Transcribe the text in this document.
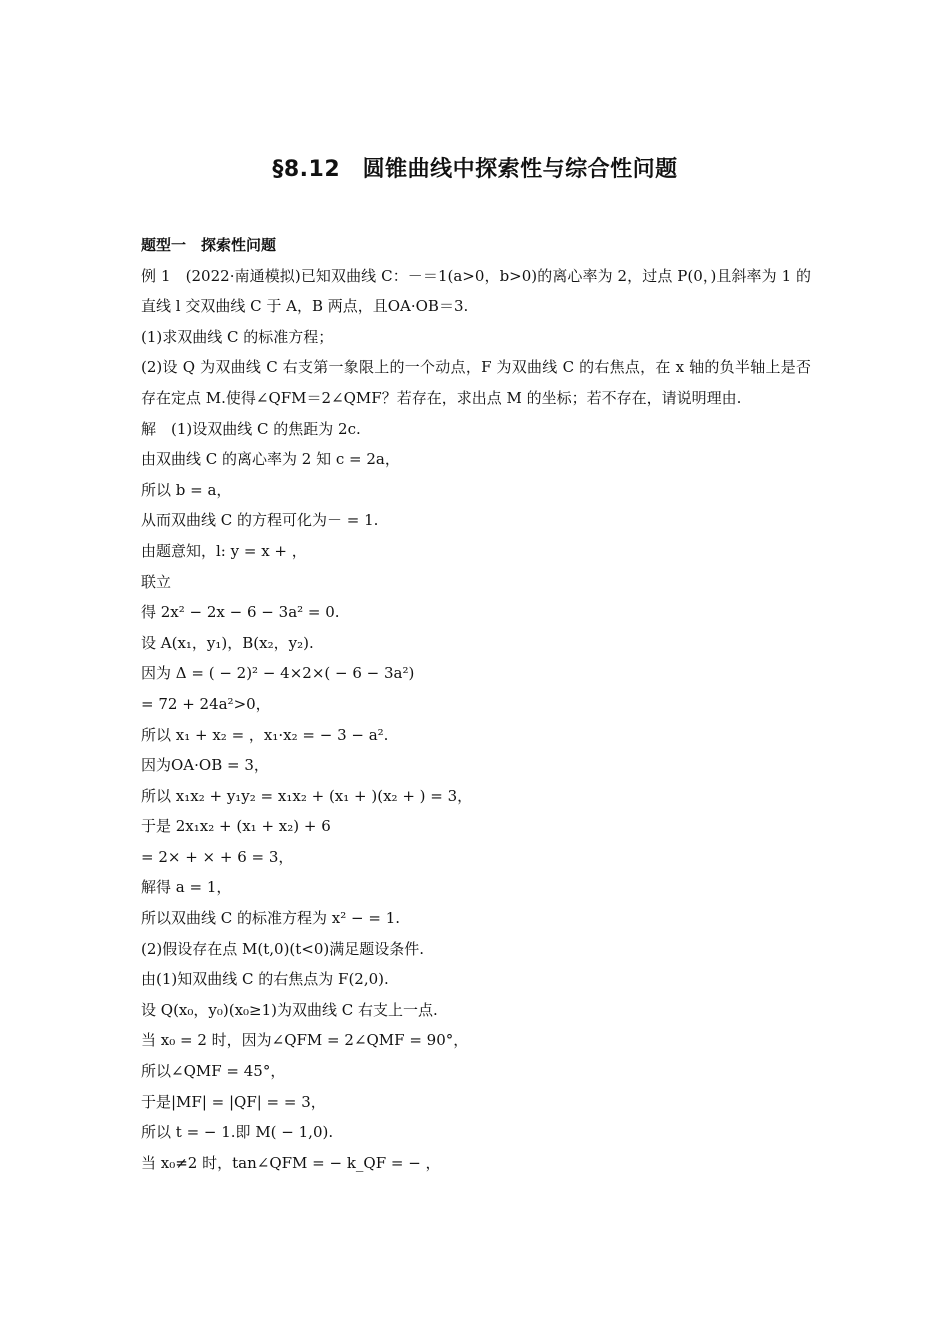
§8.12　圆锥曲线中探索性与综合性问题
题型一　探索性问题
例 1　(2022·南通模拟)已知双曲线 C：－＝1(a>0，b>0)的离心率为 2，过点 P(0，)且斜率为 1 的直线 l 交双曲线 C 于 A，B 两点，且OA·OB＝3.
(1)求双曲线 C 的标准方程；
(2)设 Q 为双曲线 C 右支第一象限上的一个动点，F 为双曲线 C 的右焦点，在 x 轴的负半轴上是否存在定点 M.使得∠QFM＝2∠QMF？若存在，求出点 M 的坐标；若不存在，请说明理由.
解　(1)设双曲线 C 的焦距为 2c.
由双曲线 C 的离心率为 2 知 c = 2a，
所以 b = a，
从而双曲线 C 的方程可化为－ = 1.
由题意知，l: y = x + ，
联立
得 2x² − 2x − 6 − 3a² = 0.
设 A(x₁，y₁)，B(x₂，y₂).
因为 Δ = ( − 2)² − 4×2×( − 6 − 3a²)
= 72 + 24a²>0，
所以 x₁ + x₂ = ，x₁·x₂ = − 3 − a².
因为OA·OB = 3，
所以 x₁x₂ + y₁y₂ = x₁x₂ + (x₁ + )(x₂ + ) = 3，
于是 2x₁x₂ + (x₁ + x₂) + 6
= 2× + × + 6 = 3，
解得 a = 1，
所以双曲线 C 的标准方程为 x² − = 1.
(2)假设存在点 M(t,0)(t<0)满足题设条件.
由(1)知双曲线 C 的右焦点为 F(2,0).
设 Q(x₀，y₀)(x₀≥1)为双曲线 C 右支上一点.
当 x₀ = 2 时，因为∠QFM = 2∠QMF = 90°，
所以∠QMF = 45°，
于是|MF| = |QF| = = 3，
所以 t = − 1.即 M( − 1,0).
当 x₀≠2 时，tan∠QFM = − k_QF = − ，
